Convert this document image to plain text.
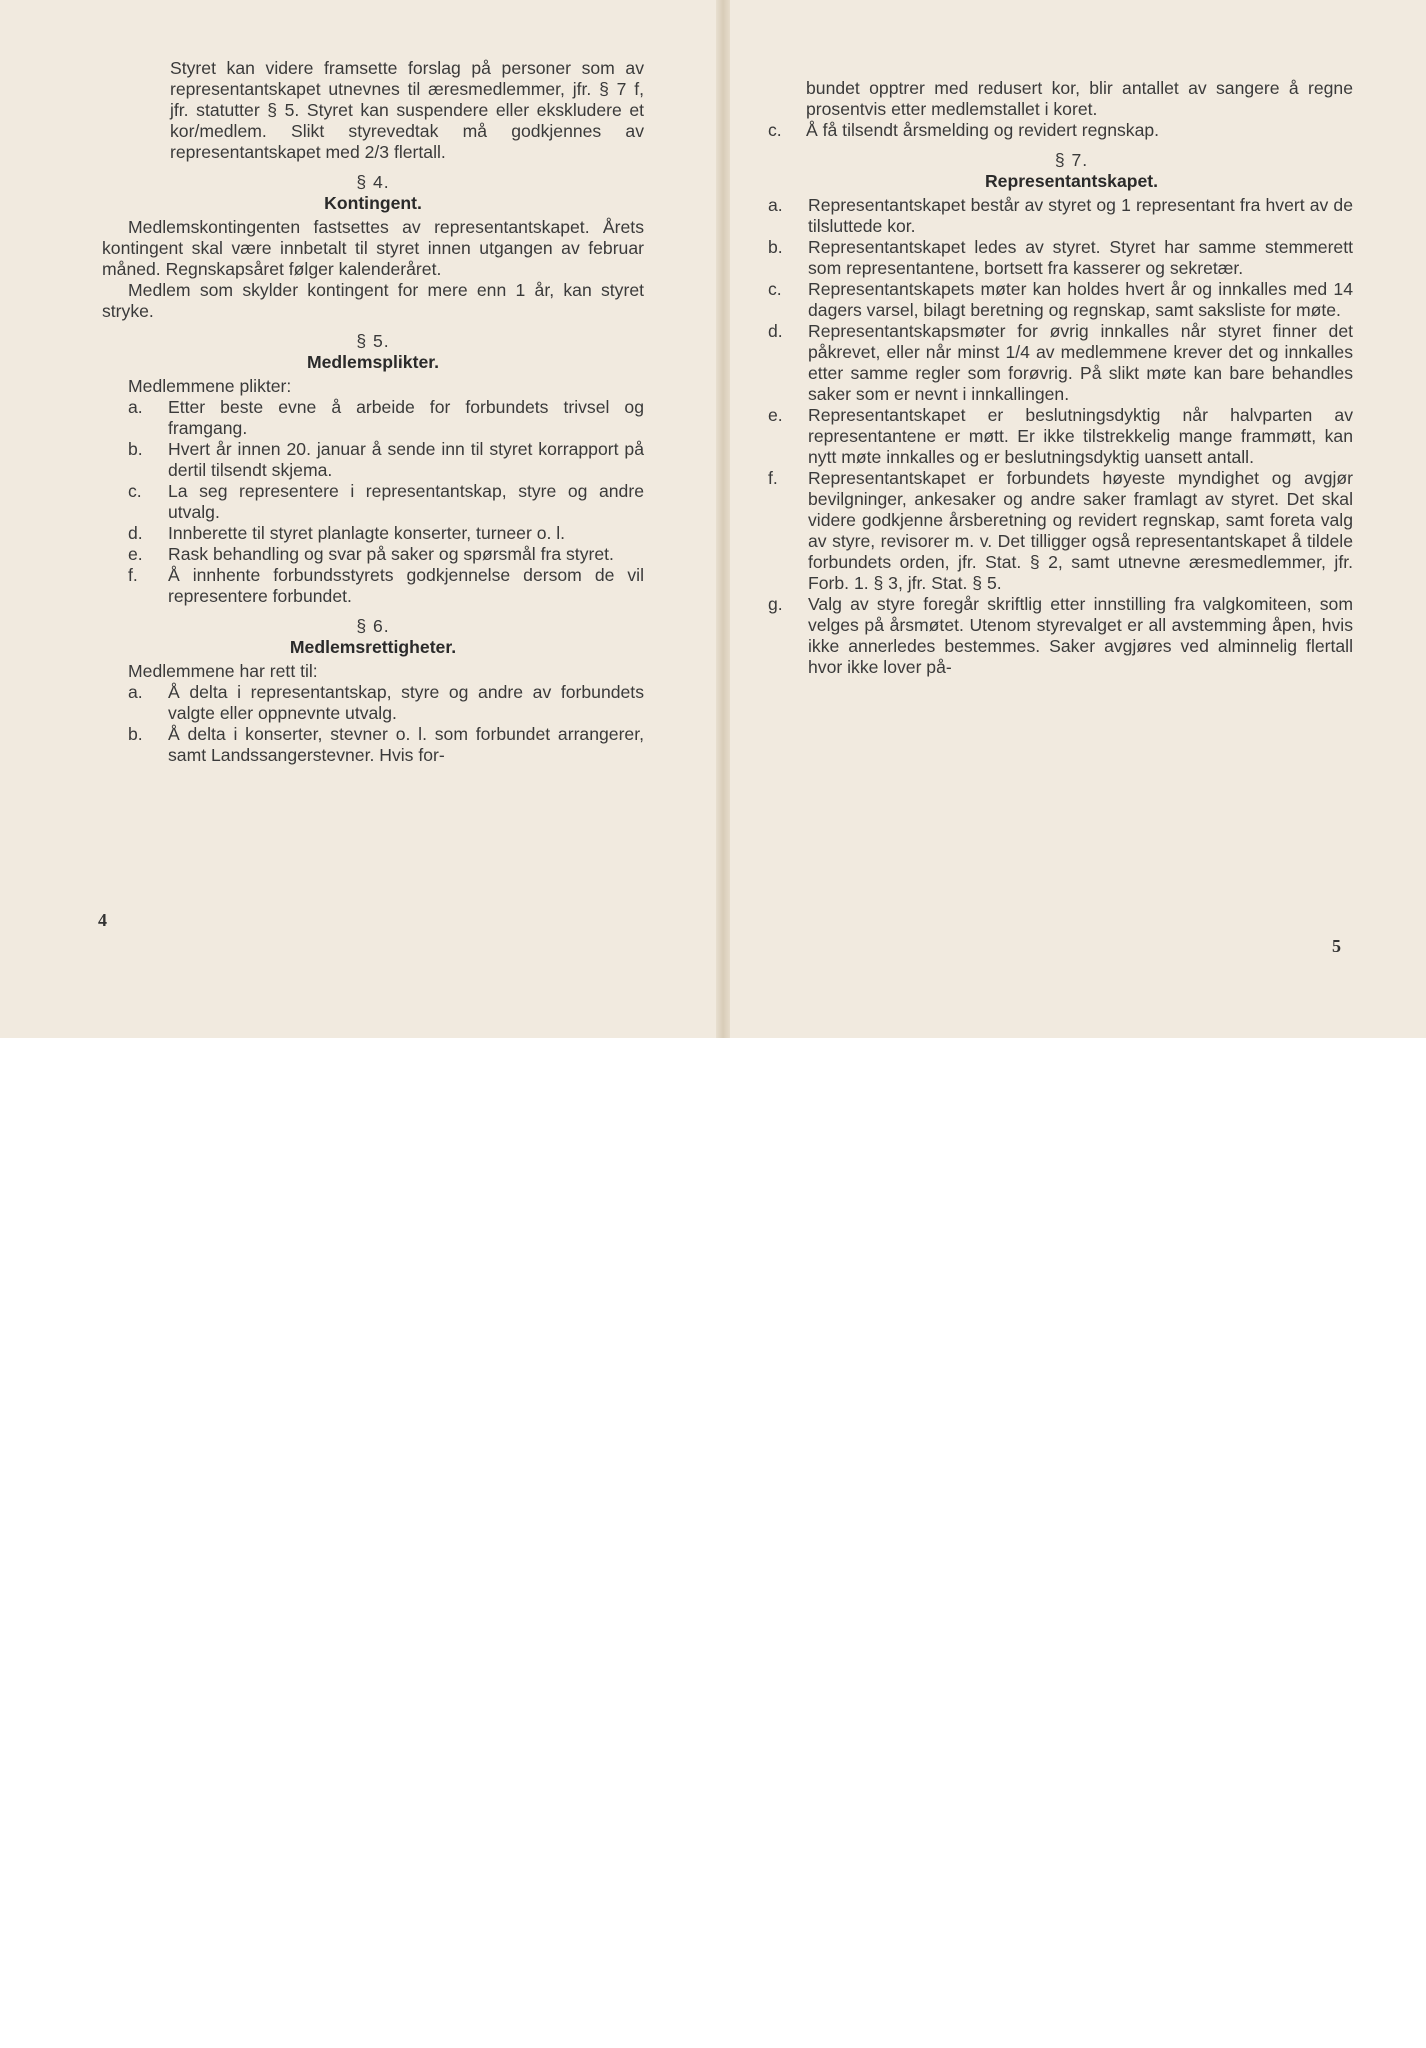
Styret kan videre framsette forslag på personer som av representantskapet utnevnes til æresmedlemmer, jfr. § 7 f, jfr. statutter § 5. Styret kan suspendere eller ekskludere et kor/medlem. Slikt styrevedtak må godkjennes av representantskapet med 2/3 flertall.

§ 4.
Kontingent.

Medlemskontingenten fastsettes av representantskapet. Årets kontingent skal være innbetalt til styret innen utgangen av februar måned. Regnskapsåret følger kalenderåret.

Medlem som skylder kontingent for mere enn 1 år, kan styret stryke.

§ 5.
Medlemsplikter.

Medlemmene plikter:

a.	Etter beste evne å arbeide for forbundets trivsel og framgang.
b.	Hvert år innen 20. januar å sende inn til styret korrapport på dertil tilsendt skjema.
c.	La seg representere i representantskap, styre og andre utvalg.
d.	Innberette til styret planlagte konserter, turneer o. l.
e.	Rask behandling og svar på saker og spørsmål fra styret.
f.	Å innhente forbundsstyrets godkjennelse dersom de vil representere forbundet.
§ 6.
Medlemsrettigheter.

Medlemmene har rett til:

a.	Å delta i representantskap, styre og andre av forbundets valgte eller oppnevnte utvalg.
b.	Å delta i konserter, stevner o. l. som forbundet arrangerer, samt Landssangerstevner. Hvis for-
4

bundet opptrer med redusert kor, blir antallet av sangere å regne prosentvis etter medlemstallet i koret.

c.	Å få tilsendt årsmelding og revidert regnskap.
§ 7.
Representantskapet.
a.	Representantskapet består av styret og 1 representant fra hvert av de tilsluttede kor.
b.	Representantskapet ledes av styret. Styret har samme stemmerett som representantene, bortsett fra kasserer og sekretær.
c.	Representantskapets møter kan holdes hvert år og innkalles med 14 dagers varsel, bilagt beretning og regnskap, samt saksliste for møte.
d.	Representantskapsmøter for øvrig innkalles når styret finner det påkrevet, eller når minst 1/4 av medlemmene krever det og innkalles etter samme regler som forøvrig. På slikt møte kan bare behandles saker som er nevnt i innkallingen.
e.	Representantskapet er beslutningsdyktig når halvparten av representantene er møtt. Er ikke tilstrekkelig mange frammøtt, kan nytt møte innkalles og er beslutningsdyktig uansett antall.
f.	Representantskapet er forbundets høyeste myndighet og avgjør bevilgninger, ankesaker og andre saker framlagt av styret. Det skal videre godkjenne årsberetning og revidert regnskap, samt foreta valg av styre, revisorer m. v. Det tilligger også representantskapet å tildele forbundets orden, jfr. Stat. § 2, samt utnevne æresmedlemmer, jfr. Forb. 1. § 3, jfr. Stat. § 5.
g.	Valg av styre foregår skriftlig etter innstilling fra valgkomiteen, som velges på årsmøtet. Utenom styrevalget er all avstemming åpen, hvis ikke annerledes bestemmes. Saker avgjøres ved alminnelig flertall hvor ikke lover på-
5
